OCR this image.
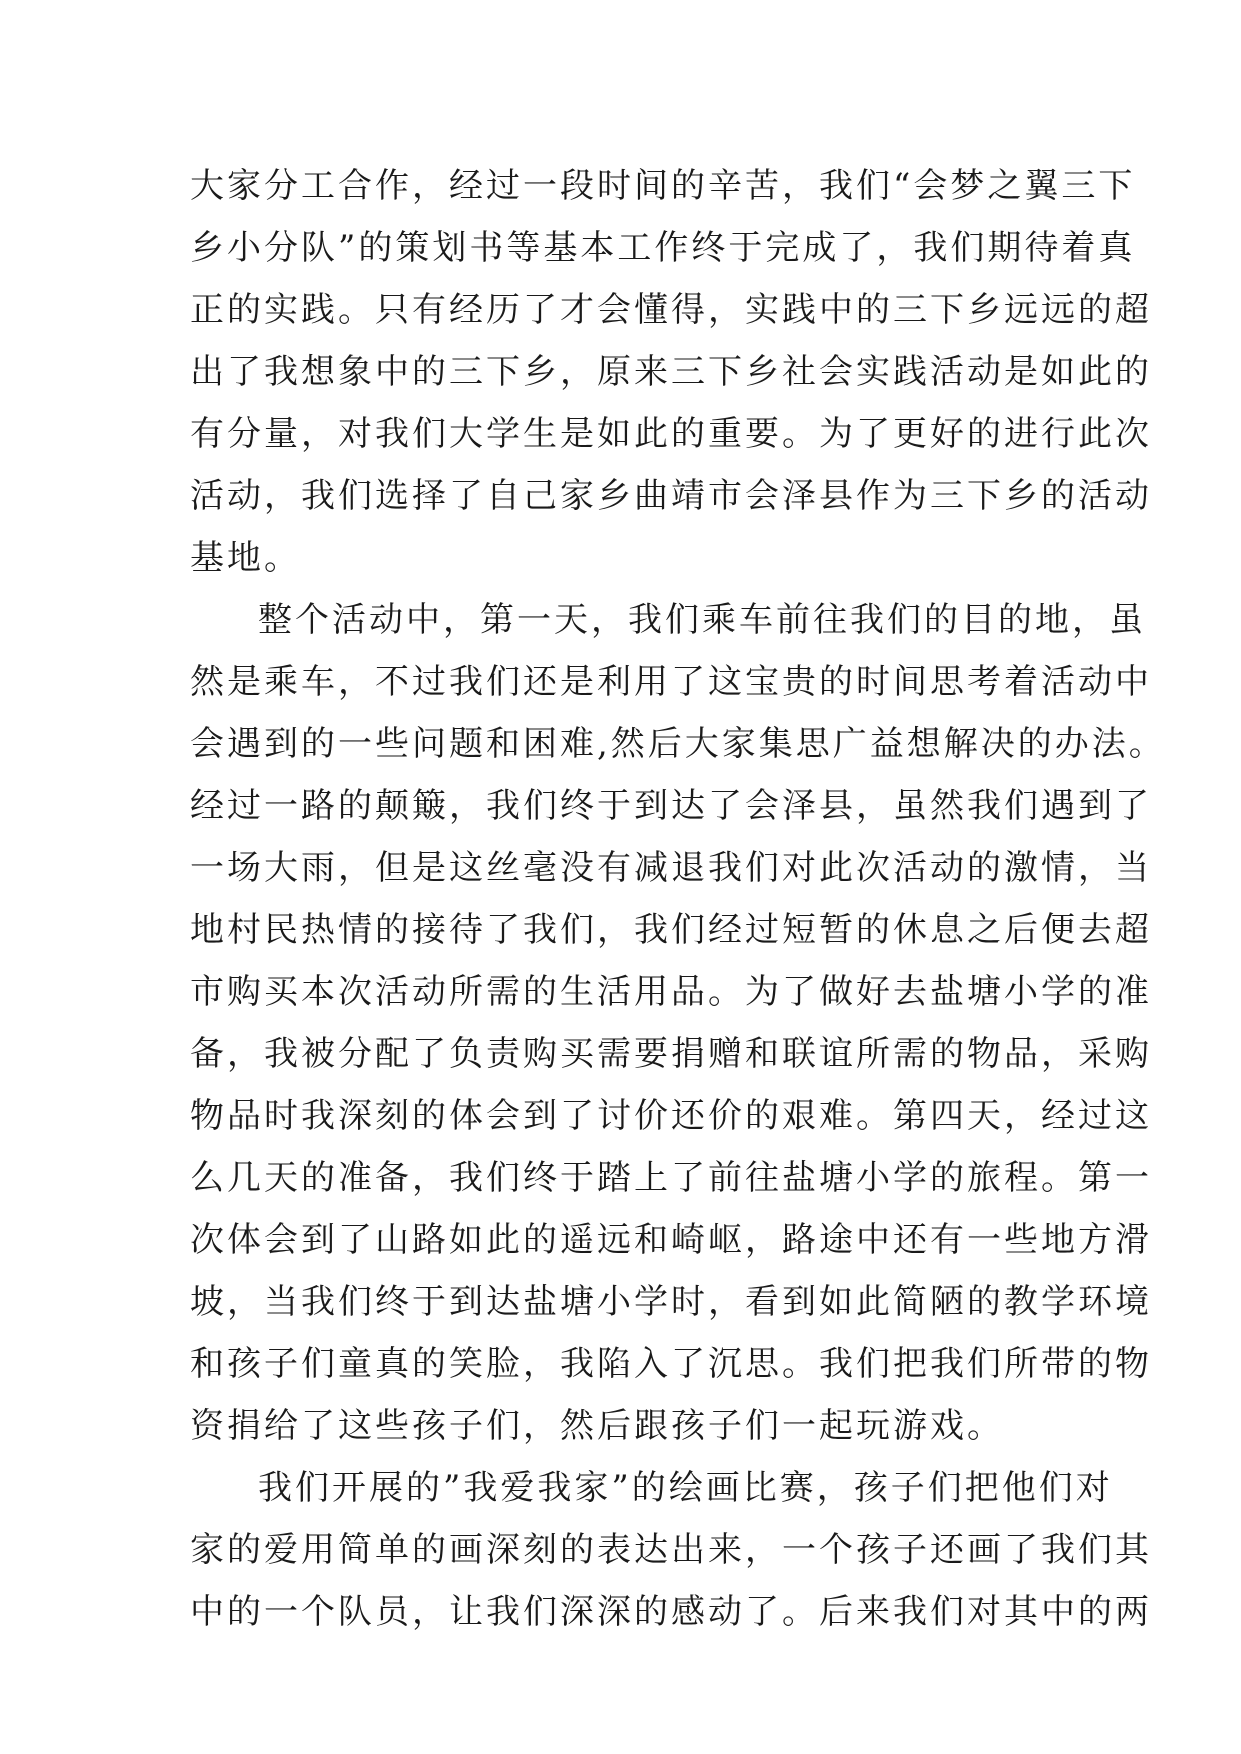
大家分工合作，经过一段时间的辛苦，我们“会梦之翼三下
乡小分队”的策划书等基本工作终于完成了，我们期待着真
正的实践。只有经历了才会懂得，实践中的三下乡远远的超
出了我想象中的三下乡，原来三下乡社会实践活动是如此的
有分量，对我们大学生是如此的重要。为了更好的进行此次
活动，我们选择了自己家乡曲靖市会泽县作为三下乡的活动
基地。
整个活动中，第一天，我们乘车前往我们的目的地，虽
然是乘车，不过我们还是利用了这宝贵的时间思考着活动中
会遇到的一些问题和困难,然后大家集思广益想解决的办法。
经过一路的颠簸，我们终于到达了会泽县，虽然我们遇到了
一场大雨，但是这丝毫没有减退我们对此次活动的激情，当
地村民热情的接待了我们，我们经过短暂的休息之后便去超
市购买本次活动所需的生活用品。为了做好去盐塘小学的准
备，我被分配了负责购买需要捐赠和联谊所需的物品，采购
物品时我深刻的体会到了讨价还价的艰难。第四天，经过这
么几天的准备，我们终于踏上了前往盐塘小学的旅程。第一
次体会到了山路如此的遥远和崎岖，路途中还有一些地方滑
坡，当我们终于到达盐塘小学时，看到如此简陋的教学环境
和孩子们童真的笑脸，我陷入了沉思。我们把我们所带的物
资捐给了这些孩子们，然后跟孩子们一起玩游戏。
我们开展的”我爱我家”的绘画比赛，孩子们把他们对
家的爱用简单的画深刻的表达出来，一个孩子还画了我们其
中的一个队员，让我们深深的感动了。后来我们对其中的两
